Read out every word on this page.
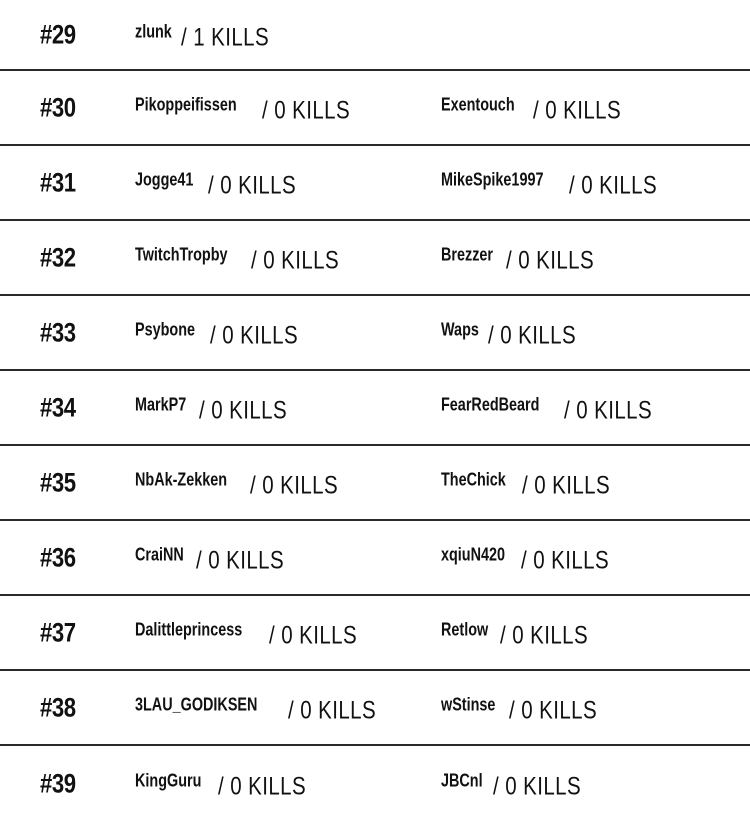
#29	zlunk / 1 KILLS
#30	Pikoppeifissen / 0 KILLS	Exentouch / 0 KILLS
#31	Jogge41 / 0 KILLS	MikeSpike1997 / 0 KILLS
#32	TwitchTropby / 0 KILLS	Brezzer / 0 KILLS
#33	Psybone / 0 KILLS	Waps / 0 KILLS
#34	MarkP7 / 0 KILLS	FearRedBeard / 0 KILLS
#35	NbAk-Zekken / 0 KILLS	TheChick / 0 KILLS
#36	CraiNN / 0 KILLS	xqiuN420 / 0 KILLS
#37	Dalittleprincess / 0 KILLS	Retlow / 0 KILLS
#38	3LAU_GODIKSEN / 0 KILLS	wStinse / 0 KILLS
#39	KingGuru / 0 KILLS	JBCnl / 0 KILLS
